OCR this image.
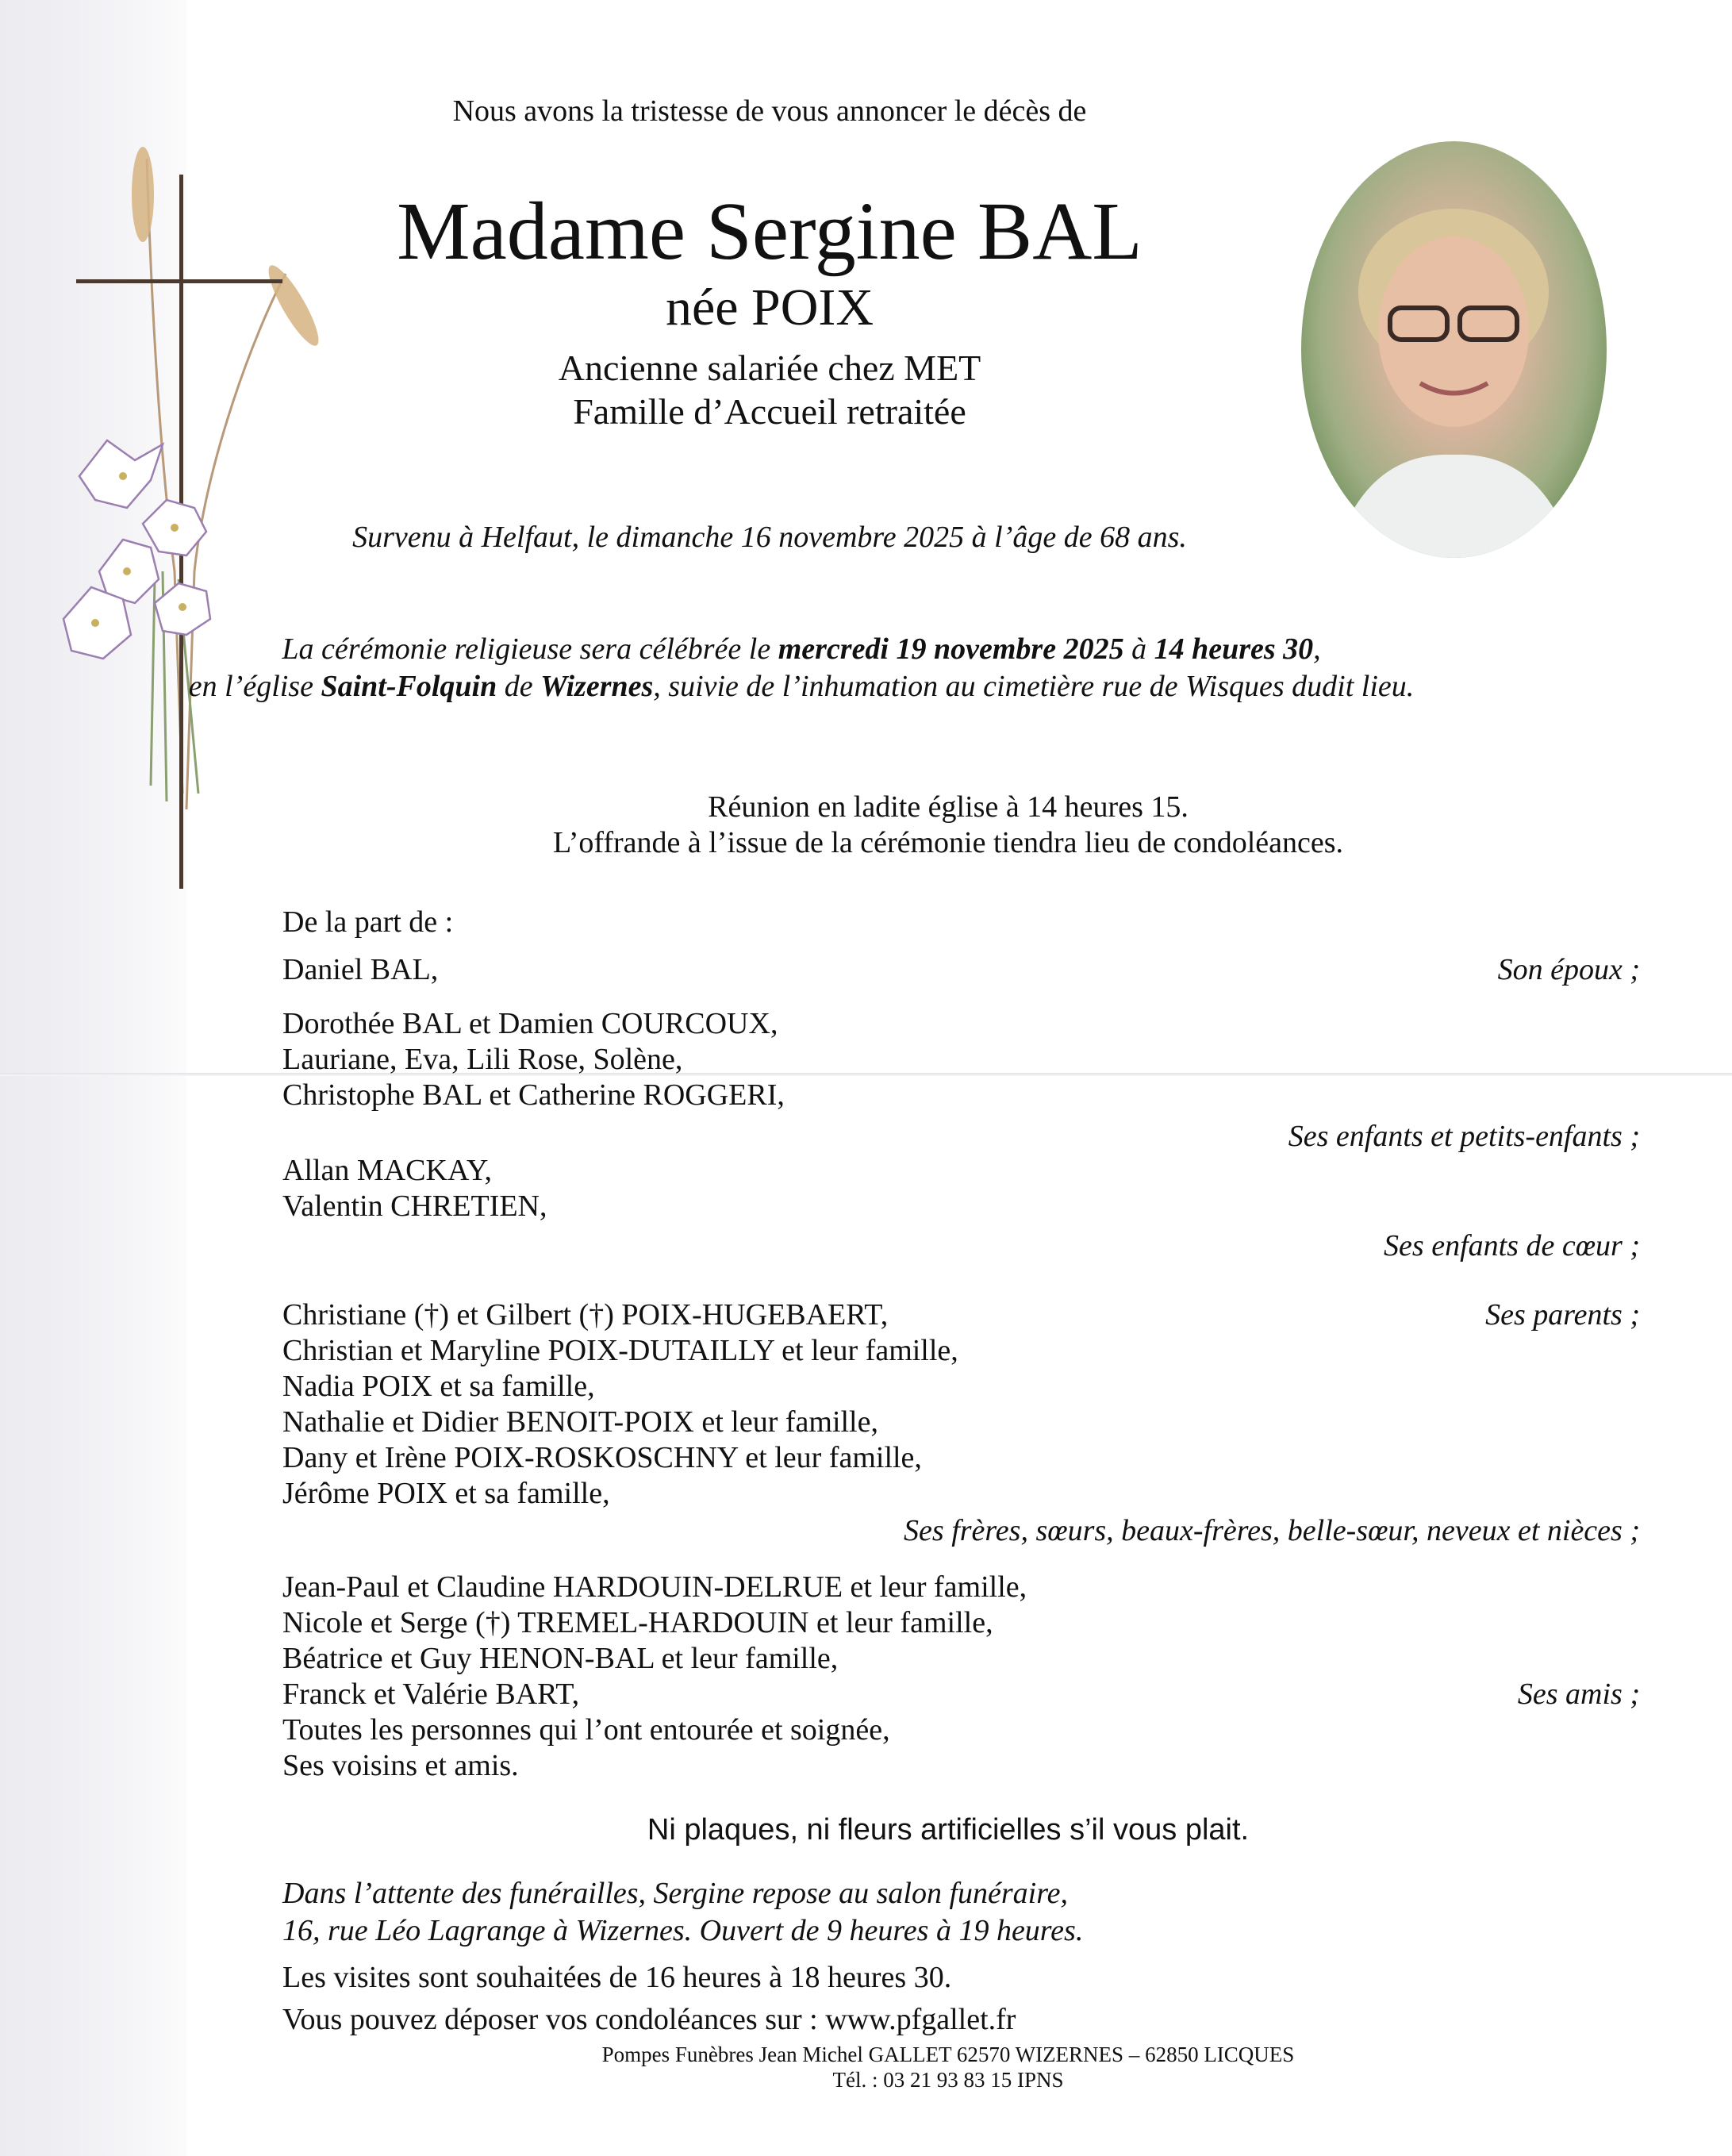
Nous avons la tristesse de vous annoncer le décès de
Madame Sergine BAL
née POIX
Ancienne salariée chez MET
Famille d’Accueil retraitée
Survenu à Helfaut, le dimanche 16 novembre 2025 à l’âge de 68 ans.
La cérémonie religieuse sera célébrée le mercredi 19 novembre 2025 à 14 heures 30,
en l’église Saint-Folquin de Wizernes, suivie de l’inhumation au cimetière rue de Wisques dudit lieu.
Réunion en ladite église à 14 heures 15.
L’offrande à l’issue de la cérémonie tiendra lieu de condoléances.
De la part de :
Daniel BAL,	Son époux ;
Dorothée BAL et Damien COURCOUX,
Lauriane, Eva, Lili Rose, Solène,
Christophe BAL et Catherine ROGGERI,
Ses enfants et petits-enfants ;
Allan MACKAY,
Valentin CHRETIEN,
Ses enfants de cœur ;
Christiane (†) et Gilbert (†) POIX-HUGEBAERT,	Ses parents ;
Christian et Maryline POIX-DUTAILLY et leur famille,
Nadia POIX et sa famille,
Nathalie et Didier BENOIT-POIX et leur famille,
Dany et Irène POIX-ROSKOSCHNY et leur famille,
Jérôme POIX et sa famille,
Ses frères, sœurs, beaux-frères, belle-sœur, neveux et nièces ;
Jean-Paul et Claudine HARDOUIN-DELRUE et leur famille,
Nicole et Serge (†) TREMEL-HARDOUIN et leur famille,
Béatrice et Guy HENON-BAL et leur famille,
Franck et Valérie BART,
Toutes les personnes qui l’ont entourée et soignée,
Ses voisins et amis.
Ses amis ;
Ni plaques, ni fleurs artificielles s’il vous plait.
Dans l’attente des funérailles, Sergine repose au salon funéraire,
16, rue Léo Lagrange à Wizernes. Ouvert de 9 heures à 19 heures.
Les visites sont souhaitées de 16 heures à 18 heures 30.
Vous pouvez déposer vos condoléances sur : www.pfgallet.fr
Pompes Funèbres Jean Michel GALLET 62570 WIZERNES – 62850 LICQUES
Tél. : 03 21 93 83 15 IPNS
